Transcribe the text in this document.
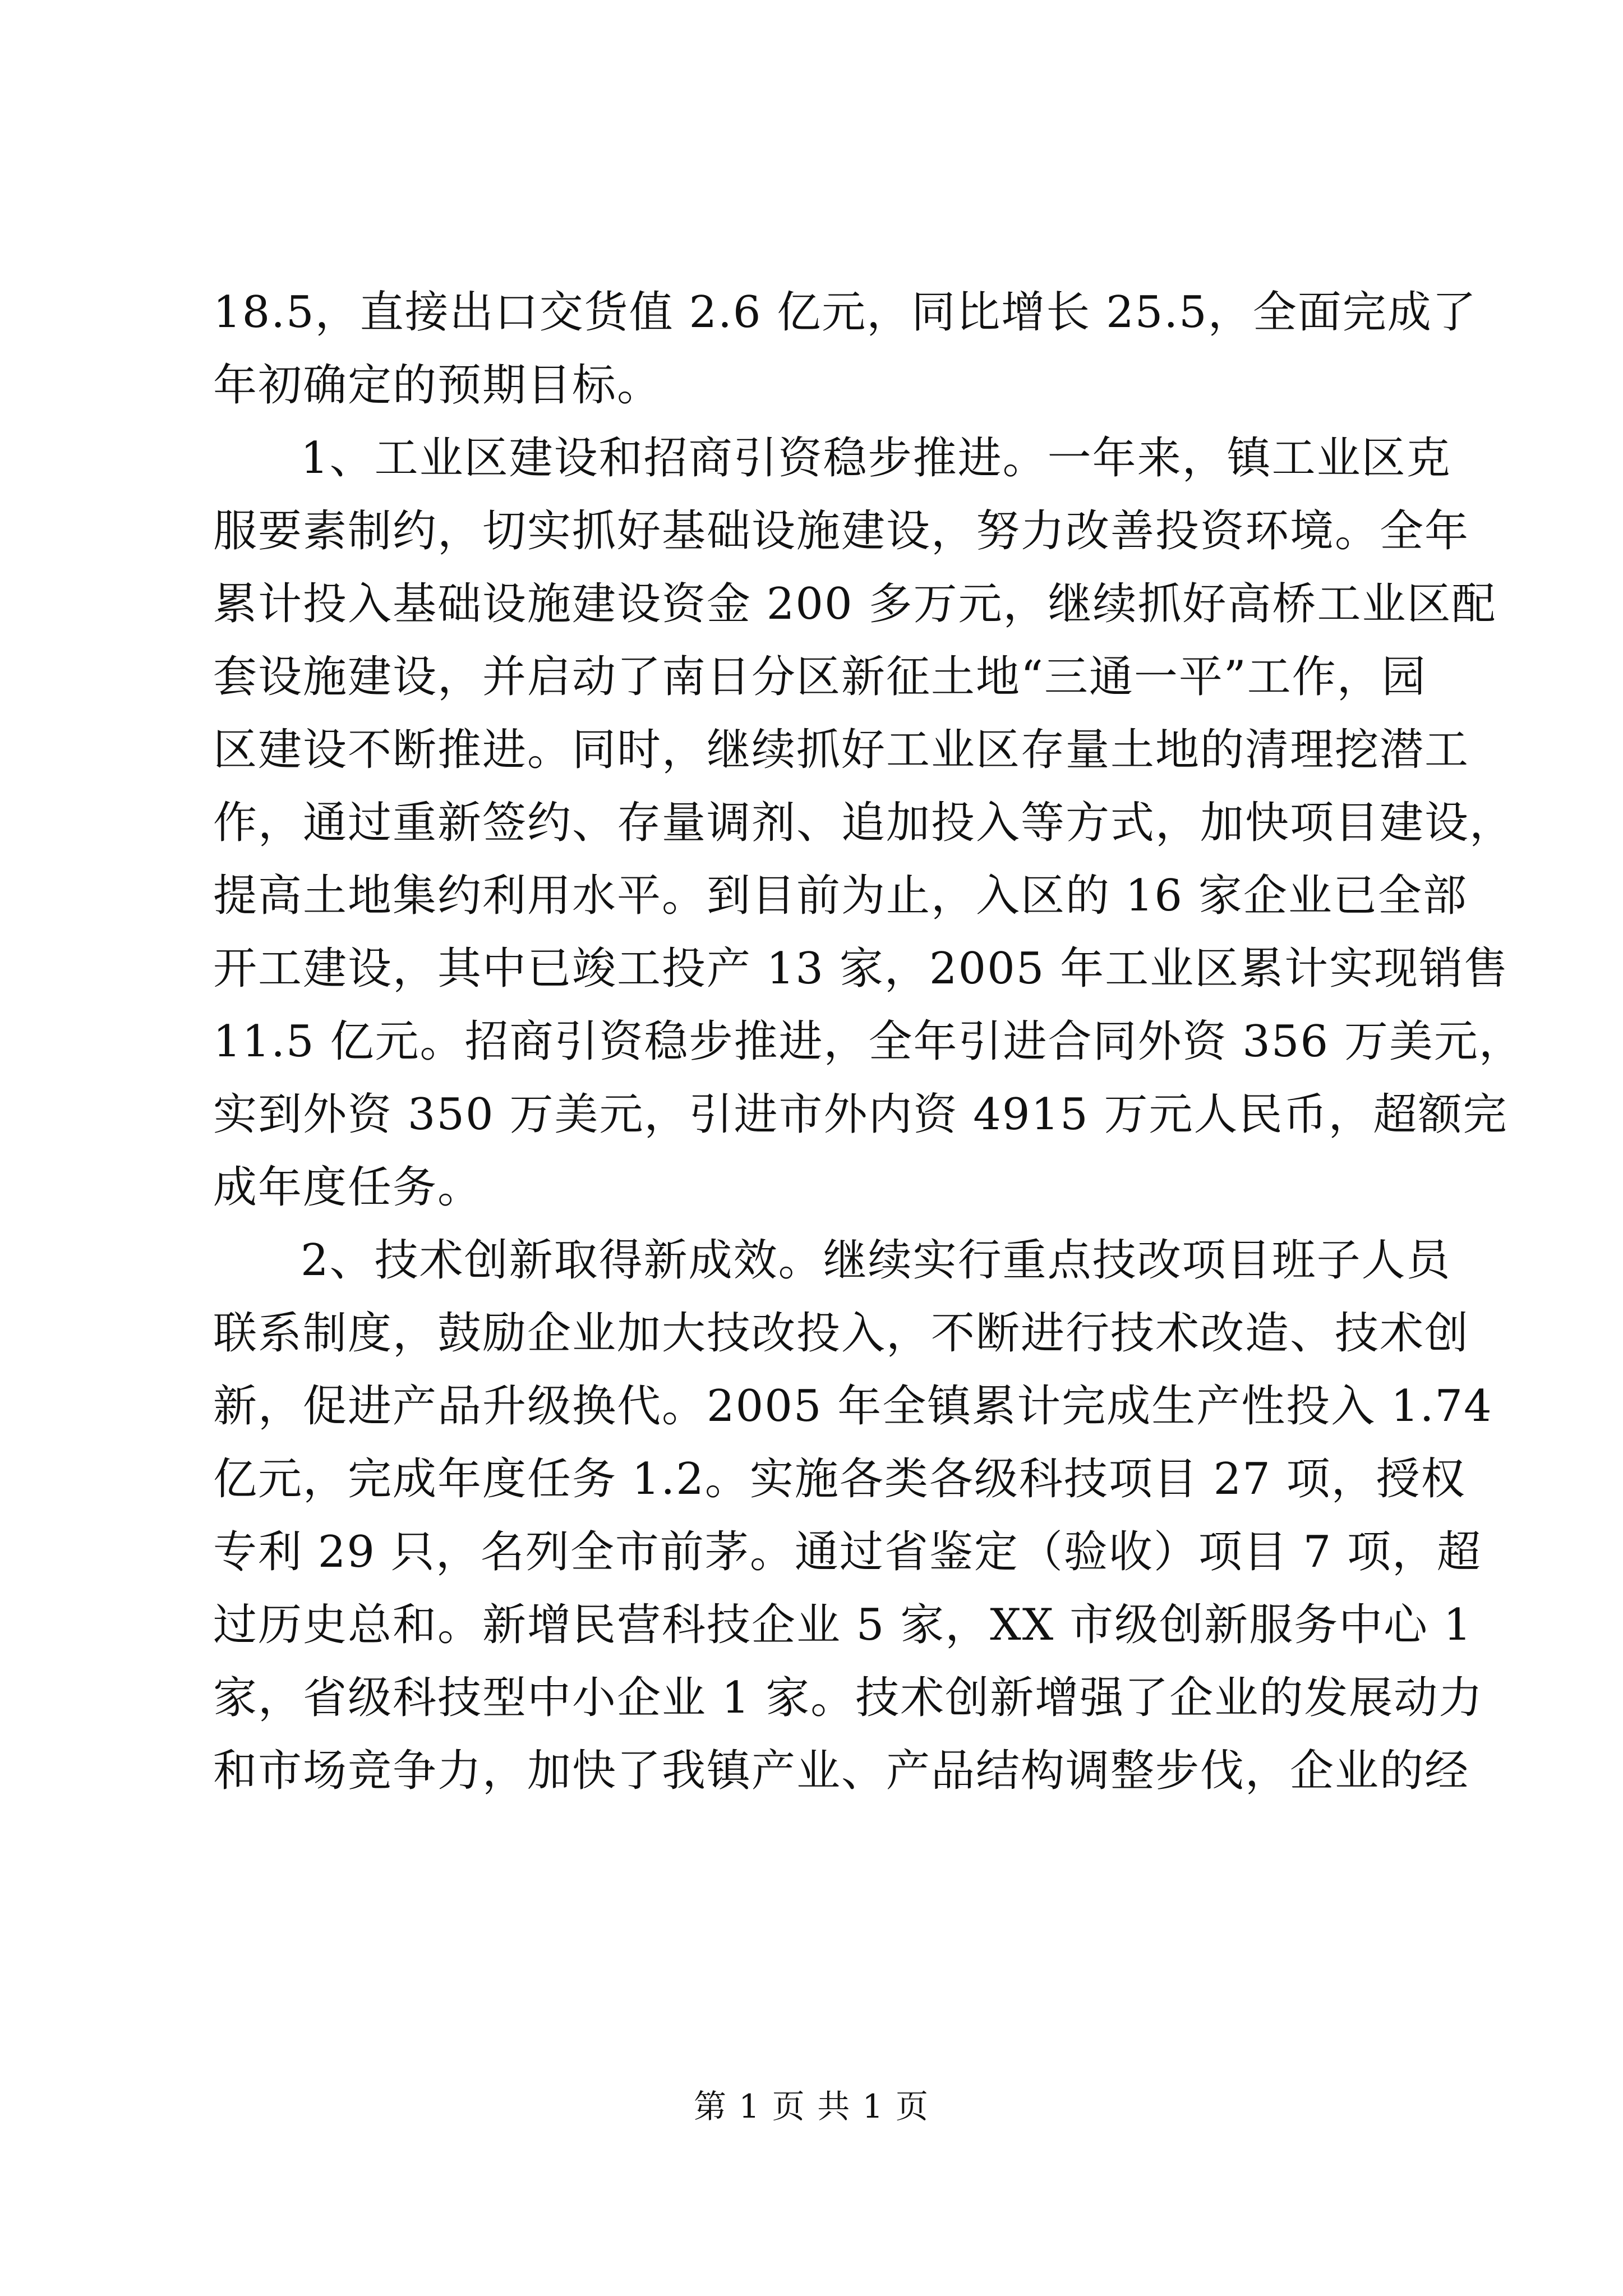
18.5，直接出口交货值 2.6 亿元，同比增长 25.5，全面完成了
年初确定的预期目标。
1、工业区建设和招商引资稳步推进。一年来，镇工业区克
服要素制约，切实抓好基础设施建设，努力改善投资环境。全年
累计投入基础设施建设资金 200 多万元，继续抓好高桥工业区配
套设施建设，并启动了南日分区新征土地“三通一平”工作，园
区建设不断推进。同时，继续抓好工业区存量土地的清理挖潜工
作，通过重新签约、存量调剂、追加投入等方式，加快项目建设，
提高土地集约利用水平。到目前为止，入区的 16 家企业已全部
开工建设，其中已竣工投产 13 家，2005 年工业区累计实现销售
11.5 亿元。招商引资稳步推进，全年引进合同外资 356 万美元，
实到外资 350 万美元，引进市外内资 4915 万元人民币，超额完
成年度任务。
2、技术创新取得新成效。继续实行重点技改项目班子人员
联系制度，鼓励企业加大技改投入，不断进行技术改造、技术创
新，促进产品升级换代。2005 年全镇累计完成生产性投入 1.74
亿元，完成年度任务 1.2。实施各类各级科技项目 27 项，授权
专利 29 只，名列全市前茅。通过省鉴定（验收）项目 7 项，超
过历史总和。新增民营科技企业 5 家，XX 市级创新服务中心 1
家，省级科技型中小企业 1 家。技术创新增强了企业的发展动力
和市场竞争力，加快了我镇产业、产品结构调整步伐，企业的经
第 1 页 共 1 页
